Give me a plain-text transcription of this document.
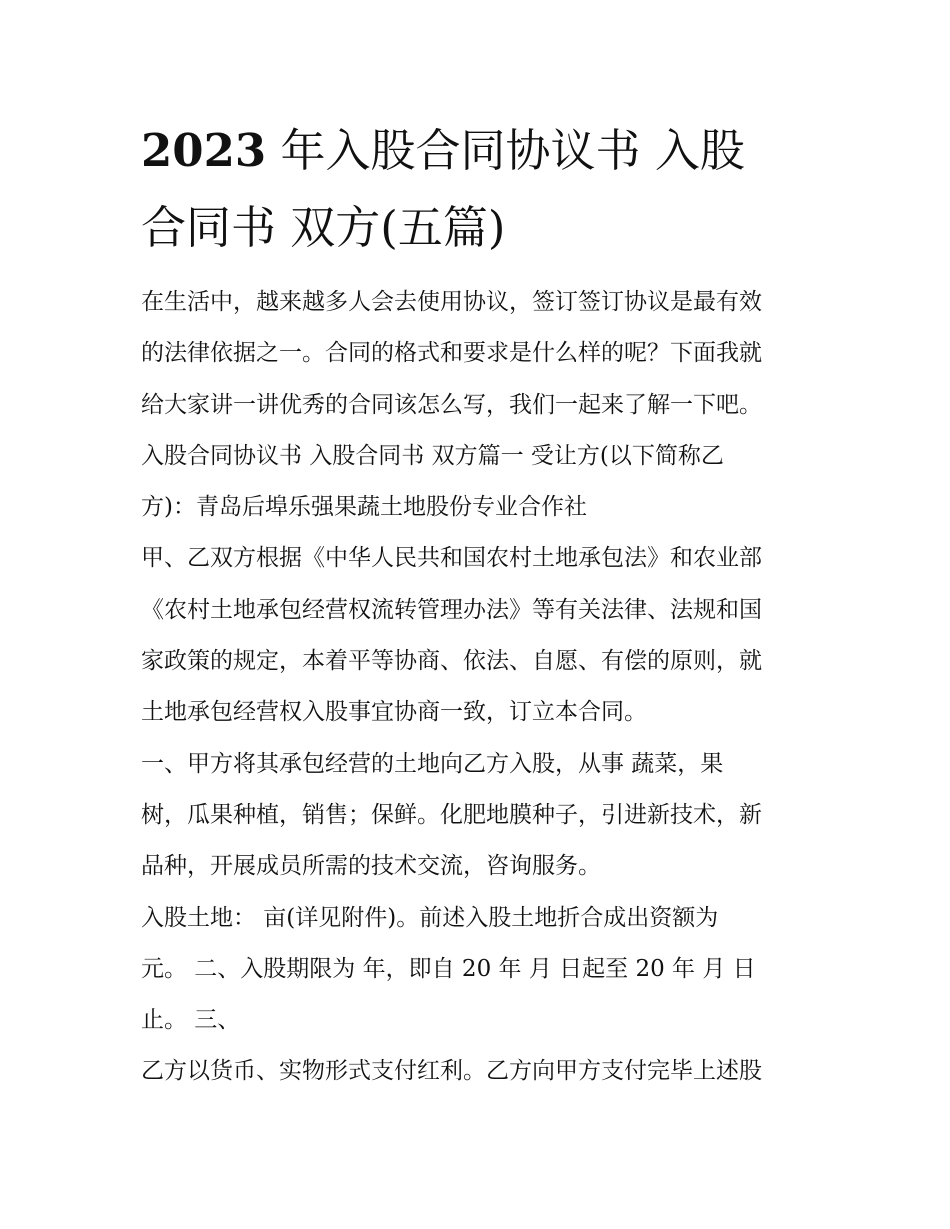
2023 年入股合同协议书 入股
合同书 双方(五篇)
在生活中，越来越多人会去使用协议，签订签订协议是最有效
的法律依据之一。合同的格式和要求是什么样的呢？下面我就
给大家讲一讲优秀的合同该怎么写，我们一起来了解一下吧。
入股合同协议书 入股合同书 双方篇一 受让方(以下简称乙
方)：青岛后埠乐强果蔬土地股份专业合作社
甲、乙双方根据《中华人民共和国农村土地承包法》和农业部
《农村土地承包经营权流转管理办法》等有关法律、法规和国
家政策的规定，本着平等协商、依法、自愿、有偿的原则，就
土地承包经营权入股事宜协商一致，订立本合同。
一、甲方将其承包经营的土地向乙方入股，从事 蔬菜，果
树，瓜果种植，销售；保鲜。化肥地膜种子，引进新技术，新
品种，开展成员所需的技术交流，咨询服务。
入股土地： 亩(详见附件)。前述入股土地折合成出资额为
元。 二、入股期限为 年，即自 20 年 月 日起至 20 年 月 日
止。 三、
乙方以货币、实物形式支付红利。乙方向甲方支付完毕上述股
